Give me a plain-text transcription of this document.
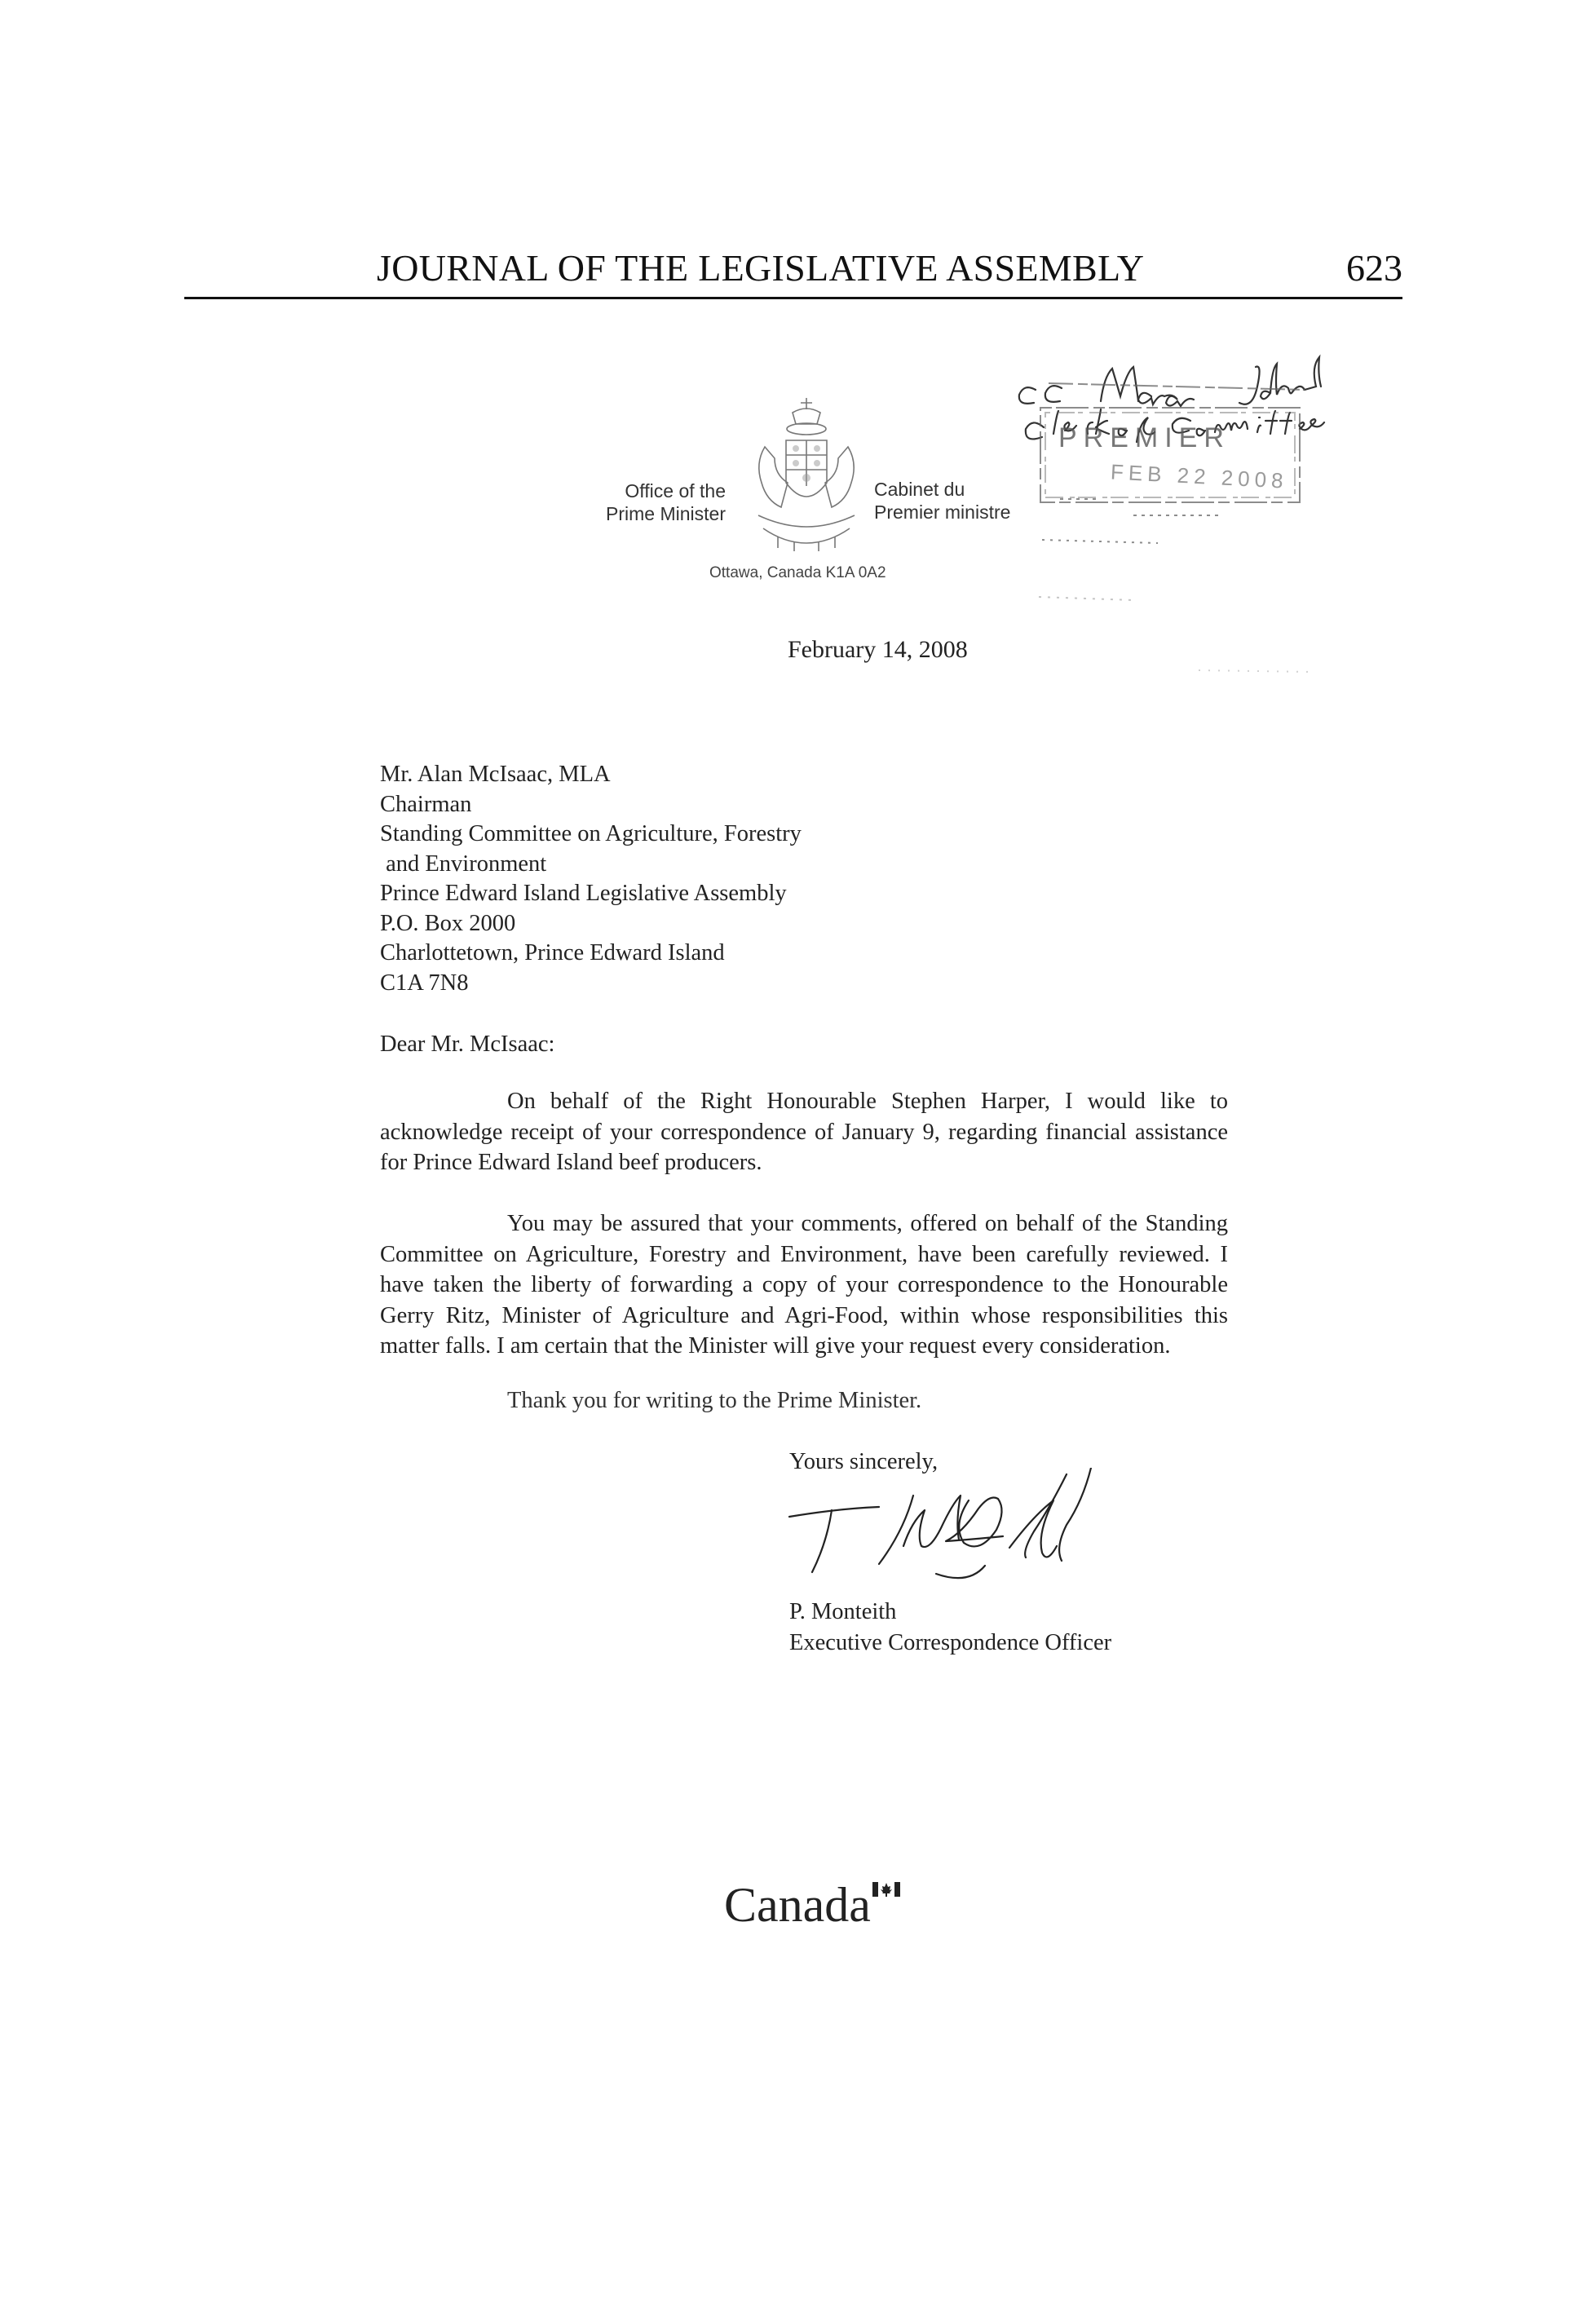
JOURNAL OF THE LEGISLATIVE ASSEMBLY	623
PREMIER
FEB 22 2008
Office of the
Prime Minister
Cabinet du
Premier ministre
Ottawa, Canada K1A 0A2
February 14, 2008
Mr. Alan McIsaac, MLA
Chairman
Standing Committee on Agriculture, Forestry
and Environment
Prince Edward Island Legislative Assembly
P.O. Box 2000
Charlottetown, Prince Edward Island
C1A 7N8
Dear Mr. McIsaac:
On behalf of the Right Honourable Stephen Harper, I would like to acknowledge receipt of your correspondence of January 9, regarding financial assistance for Prince Edward Island beef producers.
You may be assured that your comments, offered on behalf of the Standing Committee on Agriculture, Forestry and Environment, have been carefully reviewed. I have taken the liberty of forwarding a copy of your correspondence to the Honourable Gerry Ritz, Minister of Agriculture and Agri-Food, within whose responsibilities this matter falls. I am certain that the Minister will give your request every consideration.
Thank you for writing to the Prime Minister.
Yours sincerely,
P. Monteith
Executive Correspondence Officer
Canada
